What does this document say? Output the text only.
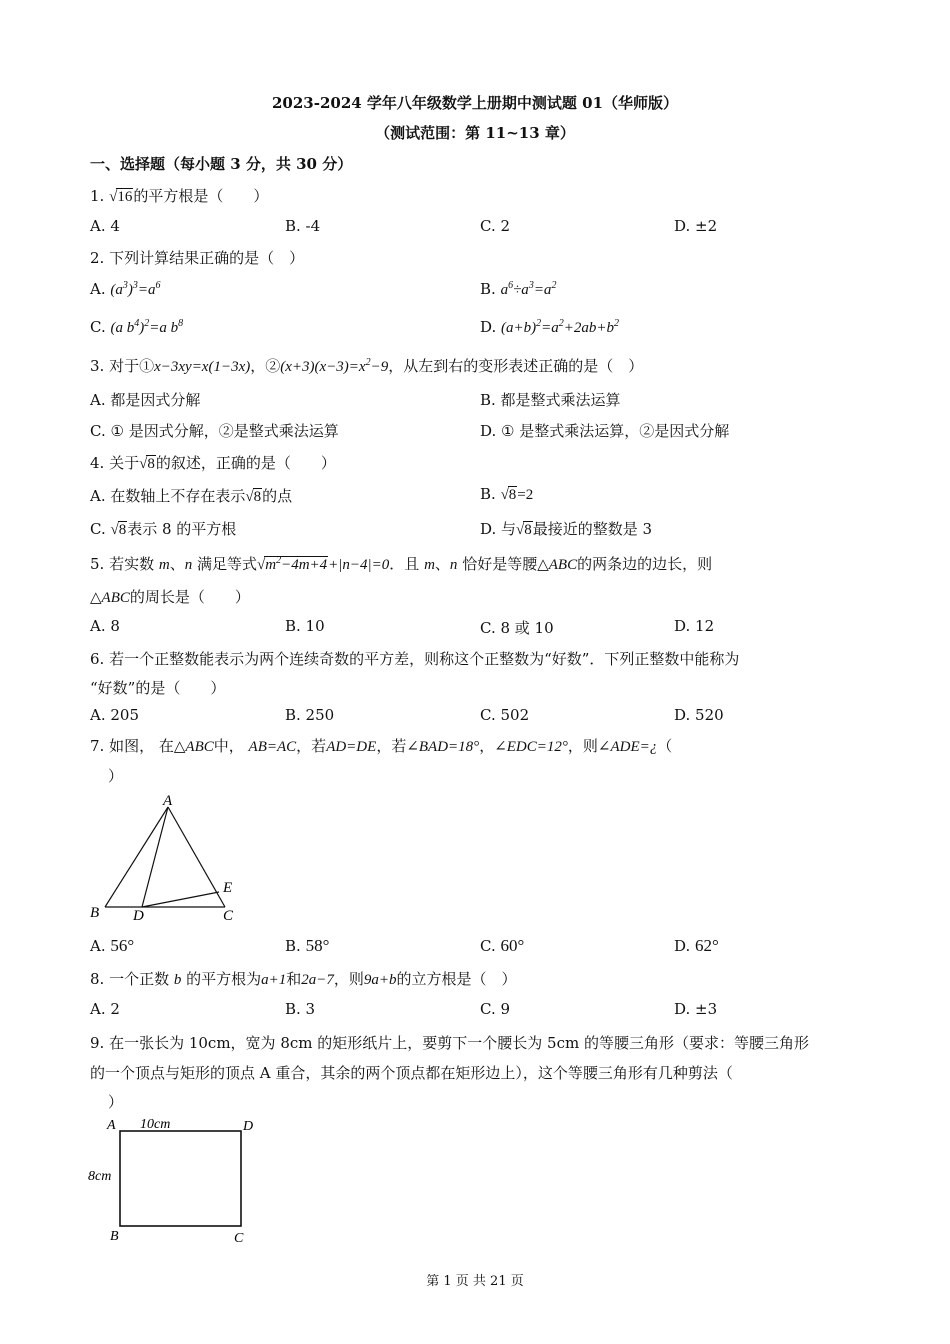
2023-2024 学年八年级数学上册期中测试题 01（华师版）
（测试范围：第 11~13 章）
一、选择题（每小题 3 分，共 30 分）
1. √16的平方根是（　　）
A. 4	B. -4	C. 2	D. ±2
2. 下列计算结果正确的是（　）
A. $(a^3)^3=a^6$	B. $a^6\div a^3=a^2$
C. (a $b^4)^2=a$ $b^8$	D. $(a+b)^2=a^2+2ab+b^2$
3. 对于①x−3xy=x(1−3x)，$②(x+3)(x-3)=x^2-9$，从左到右的变形表述正确的是（　）
A. 都是因式分解	B. 都是整式乘法运算
C. ① 是因式分解，②是整式乘法运算	D. ① 是整式乘法运算，②是因式分解
4. 关于√8的叙述，正确的是（　　）
A. 在数轴上不存在表示√8的点	B. √8=2
C. √8表示 8 的平方根	D. 与√8最接近的整数是 3
5. 若实数 m、n 满足等式$√m^2-4m+4+|n-4|=0$．且 m、n 恰好是等腰△ABC的两条边的边长，则
△ABC的周长是（　　）
A. 8	B. 10	C. 8 或 10	D. 12
6. 若一个正整数能表示为两个连续奇数的平方差，则称这个正整数为“好数”．下列正整数中能称为
“好数”的是（　　）
A. 205	B. 250	C. 502	D. 520
7. 如图， 在△ABC中， AB=AC，若AD=DE，若∠BAD=18°，∠EDC=12°，则∠ADE=¿（
）
A
B	C
D
E
A. 56°	B. 58°	C. 60°	D. 62°
8. 一个正数 b 的平方根为a+1和2a−7，则9a+b的立方根是（　）
A. 2	B. 3	C. 9	D. ±3
9. 在一张长为 10cm，宽为 8cm 的矩形纸片上，要剪下一个腰长为 5cm 的等腰三角形（要求：等腰三角形
的一个顶点与矩形的顶点 A 重合，其余的两个顶点都在矩形边上），这个等腰三角形有几种剪法（
）
A	D
B	C
10cm
8cm
第 1 页 共 21 页
